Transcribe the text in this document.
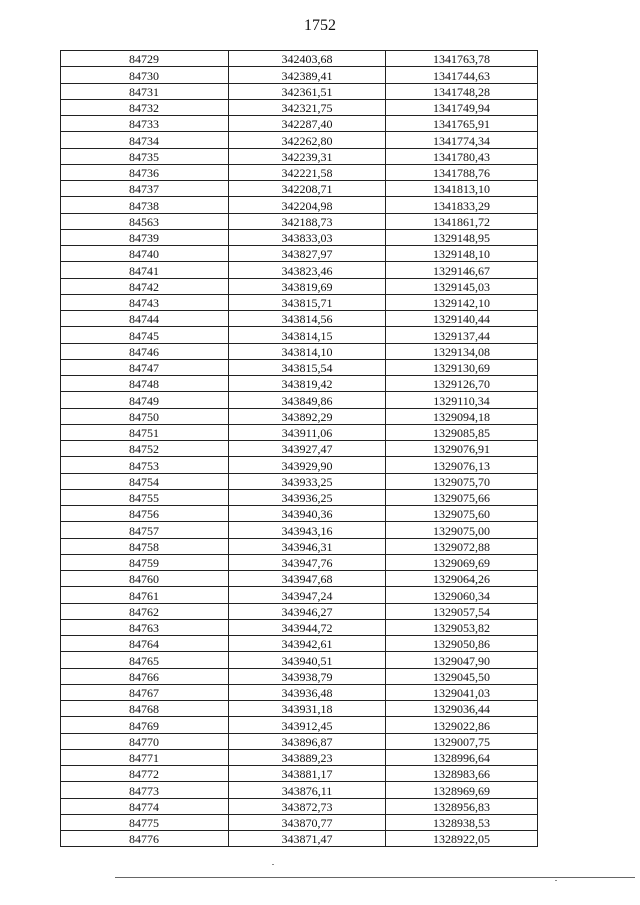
1752
84729	342403,68	1341763,78
84730	342389,41	1341744,63
84731	342361,51	1341748,28
84732	342321,75	1341749,94
84733	342287,40	1341765,91
84734	342262,80	1341774,34
84735	342239,31	1341780,43
84736	342221,58	1341788,76
84737	342208,71	1341813,10
84738	342204,98	1341833,29
84563	342188,73	1341861,72
84739	343833,03	1329148,95
84740	343827,97	1329148,10
84741	343823,46	1329146,67
84742	343819,69	1329145,03
84743	343815,71	1329142,10
84744	343814,56	1329140,44
84745	343814,15	1329137,44
84746	343814,10	1329134,08
84747	343815,54	1329130,69
84748	343819,42	1329126,70
84749	343849,86	1329110,34
84750	343892,29	1329094,18
84751	343911,06	1329085,85
84752	343927,47	1329076,91
84753	343929,90	1329076,13
84754	343933,25	1329075,70
84755	343936,25	1329075,66
84756	343940,36	1329075,60
84757	343943,16	1329075,00
84758	343946,31	1329072,88
84759	343947,76	1329069,69
84760	343947,68	1329064,26
84761	343947,24	1329060,34
84762	343946,27	1329057,54
84763	343944,72	1329053,82
84764	343942,61	1329050,86
84765	343940,51	1329047,90
84766	343938,79	1329045,50
84767	343936,48	1329041,03
84768	343931,18	1329036,44
84769	343912,45	1329022,86
84770	343896,87	1329007,75
84771	343889,23	1328996,64
84772	343881,17	1328983,66
84773	343876,11	1328969,69
84774	343872,73	1328956,83
84775	343870,77	1328938,53
84776	343871,47	1328922,05
